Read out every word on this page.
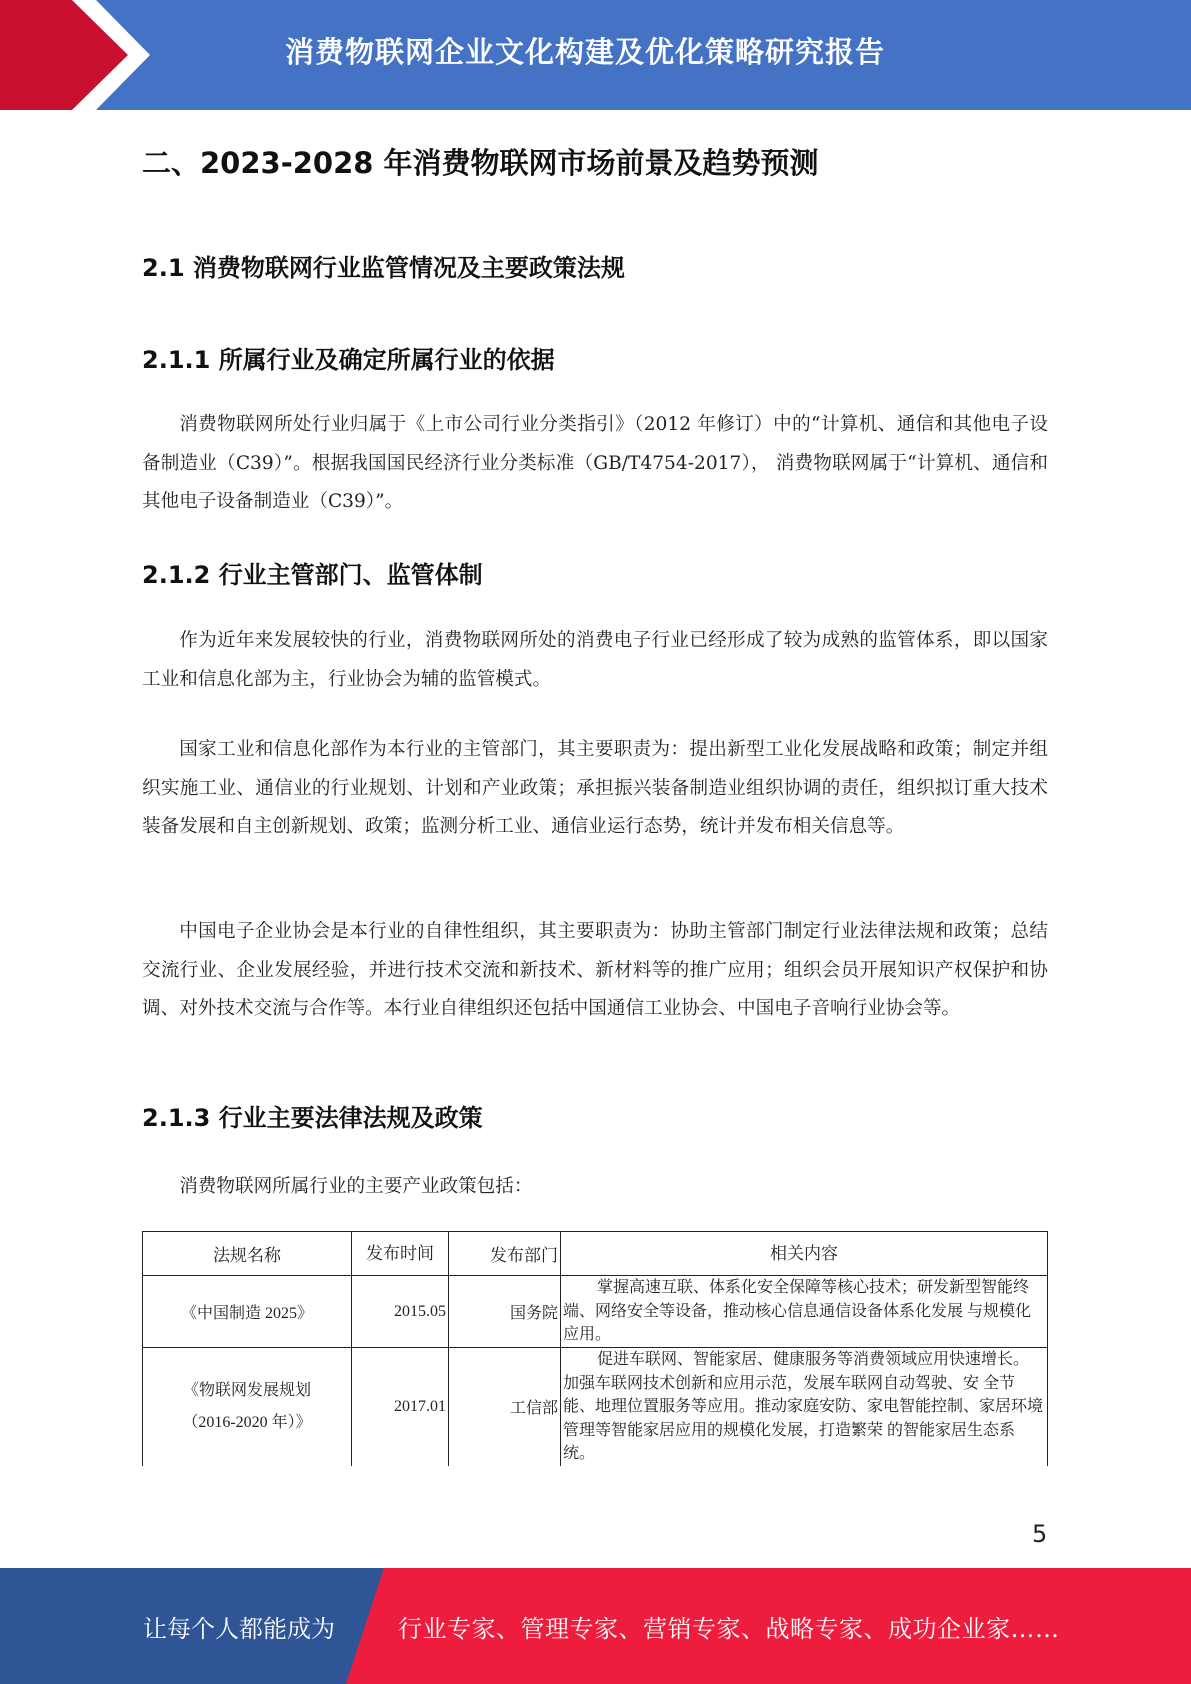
消费物联网企业文化构建及优化策略研究报告
二、2023-2028 年消费物联网市场前景及趋势预测
2.1 消费物联网行业监管情况及主要政策法规
2.1.1 所属行业及确定所属行业的依据
消费物联网所处行业归属于《上市公司行业分类指引》（2012 年修订）中的“计算机、通信和其他电子设备制造业（C39）”。根据我国国民经济行业分类标准（GB/T4754-2017）， 消费物联网属于“计算机、通信和其他电子设备制造业（C39）”。
2.1.2 行业主管部门、监管体制
作为近年来发展较快的行业，消费物联网所处的消费电子行业已经形成了较为成熟的监管体系，即以国家工业和信息化部为主，行业协会为辅的监管模式。
国家工业和信息化部作为本行业的主管部门，其主要职责为：提出新型工业化发展战略和政策；制定并组织实施工业、通信业的行业规划、计划和产业政策；承担振兴装备制造业组织协调的责任，组织拟订重大技术装备发展和自主创新规划、政策；监测分析工业、通信业运行态势，统计并发布相关信息等。
中国电子企业协会是本行业的自律性组织，其主要职责为：协助主管部门制定行业法律法规和政策；总结交流行业、企业发展经验，并进行技术交流和新技术、新材料等的推广应用；组织会员开展知识产权保护和协调、对外技术交流与合作等。本行业自律组织还包括中国通信工业协会、中国电子音响行业协会等。
2.1.3 行业主要法律法规及政策
消费物联网所属行业的主要产业政策包括：
法规名称	发布时间	发布部门	相关内容
《中国制造 2025》	2015.05	国务院	掌握高速互联、体系化安全保障等核心技术；研发新型智能终端、网络安全等设备，推动核心信息通信设备体系化发展 与规模化应用。
《物联网发展规划
（2016-2020 年）》	2017.01	工信部	促进车联网、智能家居、健康服务等消费领域应用快速增长。 加强车联网技术创新和应用示范，发展车联网自动驾驶、安 全节能、地理位置服务等应用。推动家庭安防、家电智能控制、家居环境管理等智能家居应用的规模化发展，打造繁荣 的智能家居生态系统。
5
让每个人都能成为	行业专家、管理专家、营销专家、战略专家、成功企业家……
